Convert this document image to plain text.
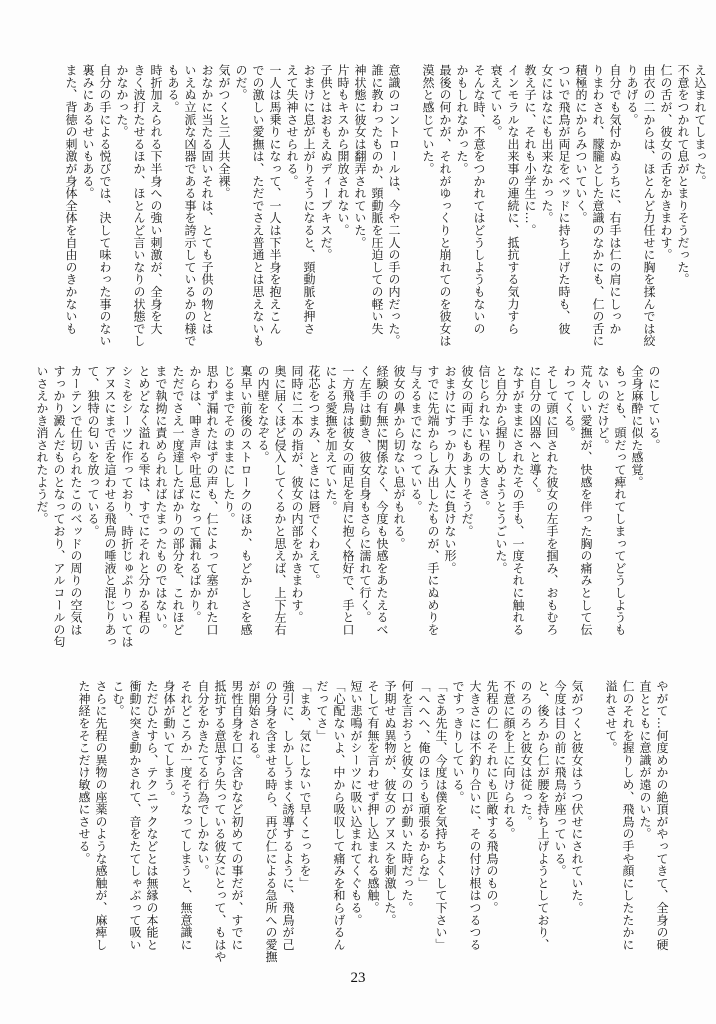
え込まれてしまった。
不意をつかれて息がとまりそうだった。
仁の舌が、彼女の舌をかきまわす。
由衣の二からは、ほとんど力任せに胸を揉んでは絞
りあげる。
自分でも気付かぬうちに、右手は仁の肩にしっか
りまわされ、朦朧とした意識のなかにも、仁の舌に
積極的にからみついていく。
ついで飛鳥が両足をベッドに持ち上げた時も、彼
女にはなにも出来なかった。
教え子に、それも小学生に…。
インモラルな出来事の連続に、抵抗する気力すら
衰えている。
そんな時、不意をつかれてはどうしようもないの
かもしれなかった。
最後の何かが、それがゆっくりと崩れてのを彼女は
漠然と感じていた。

意識のコントロールは、今や二人の手の内だった。
誰に教わったものか、頸動脈を圧迫しての軽い失
神状態に彼女は翻弄されていた。
片時もキスから開放されない。
子供とはおもえぬディープキスだ。
おまけに息が上がりそうになると、頸動脈を押さ
えて失神させられる。
一人は馬乗りになって、一人は下半身を抱えこん
での激しい愛撫は、ただでさえ普通とは思えないも
のだ。
気がつくと三人共全裸。
おなかに当たる固いそれは、とても子供の物とは
いえぬ立派な凶器である事を誇示しているかの様で
もある。
時折加えられる下半身への強い刺激が、全身を大
きく波打たせるほか、ほとんど言いなりの状態でし
かなかった。
自分の手による悦びでは、決して味わった事のない
裏みにあるせいもある。
また、背徳の刺激が身体全体を自由のきかないも
のにしている。
全身麻酔に似た感覚。
もっとも、頭だって痺れてしまってどうしようも
ないのだけど。
荒々しい愛撫が、快感を伴った胸の痛みとして伝
わってくる。
そして頭に回された彼女の左手を掴み、おもむろ
に自分の凶器へと導く。
なすがままにされたその手も、一度それに触れる
と自分から握りしめようとうごいた。
信じられない程の大きさ。
彼女の両手にもあまりそうだ。
おまけにすっかり大人に負けない形。
すでに先端からしみ出したものが、手にぬめりを
与えるまでになっている。
彼女の鼻から切ない息がもれる。
経験の有無に関係なく、今度も快感をあたえるべ
く左手は動き、彼女自身もさらに濡れて行く。
一方飛鳥は彼女の両足を肩に抱く格好で、手と口
による愛撫を加えていた。
花芯をつまみ、ときには唇でくわえて。
同時に二本の指が、彼女の内部をかきまわす。
奥に届くほど侵入してくるかと思えば、上下左右
の内壁をなぞる。
稟早い前後のストロークのほか、もどかしさを感
じるまでそのままにしたり。
思わず漏れたはずの声も、仁によって塞がれた口
からは、呻き声や吐息になって漏れるばかり。
ただでさえ一度達したばかりの部分を、これほど
まで執拗に責められればたまったものではない。
とめどなく溢れる雫は、すでにそれと分かる程の
シミをシーツに作っており、時折じゅぷりついては
アヌスにまで舌を這わせる飛鳥の唾液と混じりあっ
て、独特の匂いを放っている。
カーテンで仕切られたこのベッドの周りの空気は
すっかり澱んだものとなっており、アルコールの匂
いさえかき消されたようだ。
やがて…何度めかの絶頂がやってきて、全身の硬
直とともに意識が遠のいた。
仁のそれを握りしめ、飛鳥の手や顔にしたたかに
溢れさせて。

気がつくと彼女はうつ伏せにされていた。
今度は目の前に飛鳥が座っている。
と、後ろから仁が腰を持ち上げようとしており、
のろのろと彼女は従った。
不意に顔を上に向けられる。
先程の仁のそれにも匹敵する飛鳥のもの。
大きさには不釣り合いに、その付け根はつるつる
ですっきりしている。
「さあ先生、今度は僕を気持ちよくして下さい」
「へへへ、俺のほうも頑張るからな」
何を言おうと彼女の口が動いた時だった。
予期せぬ異物が、彼女のアヌスを刺激した。
そして有無を言わせず押し込まれる感触。
短い悲鳴がシーツに吸い込まれてくぐもる。
「心配ないよ、中から吸収して痛みを和らげるん
だってさ」
「まあ、気にしないで早くこっちを」
強引に、しかしうまく誘導するように、飛鳥が己
の分身を含ませる時ら、再び仁による急所への愛撫
が開始される。
男性自身を口に含むなど初めての事だが、すでに
抵抗する意思すら失っている彼女にとって、もはや
自分をかきたてる行為でしかない。
それどころか一度そうなってしまうと、無意識に
身体が動いてしまう。
ただひたすら、テクニックなどとは無縁の本能と
衝動に突き動かされて、音をたてしゃぶって吸い
こむ。
さらに先程の異物の座薬のような感触が、麻痺し
た神経をそこだけ敏感にさせる。
23
